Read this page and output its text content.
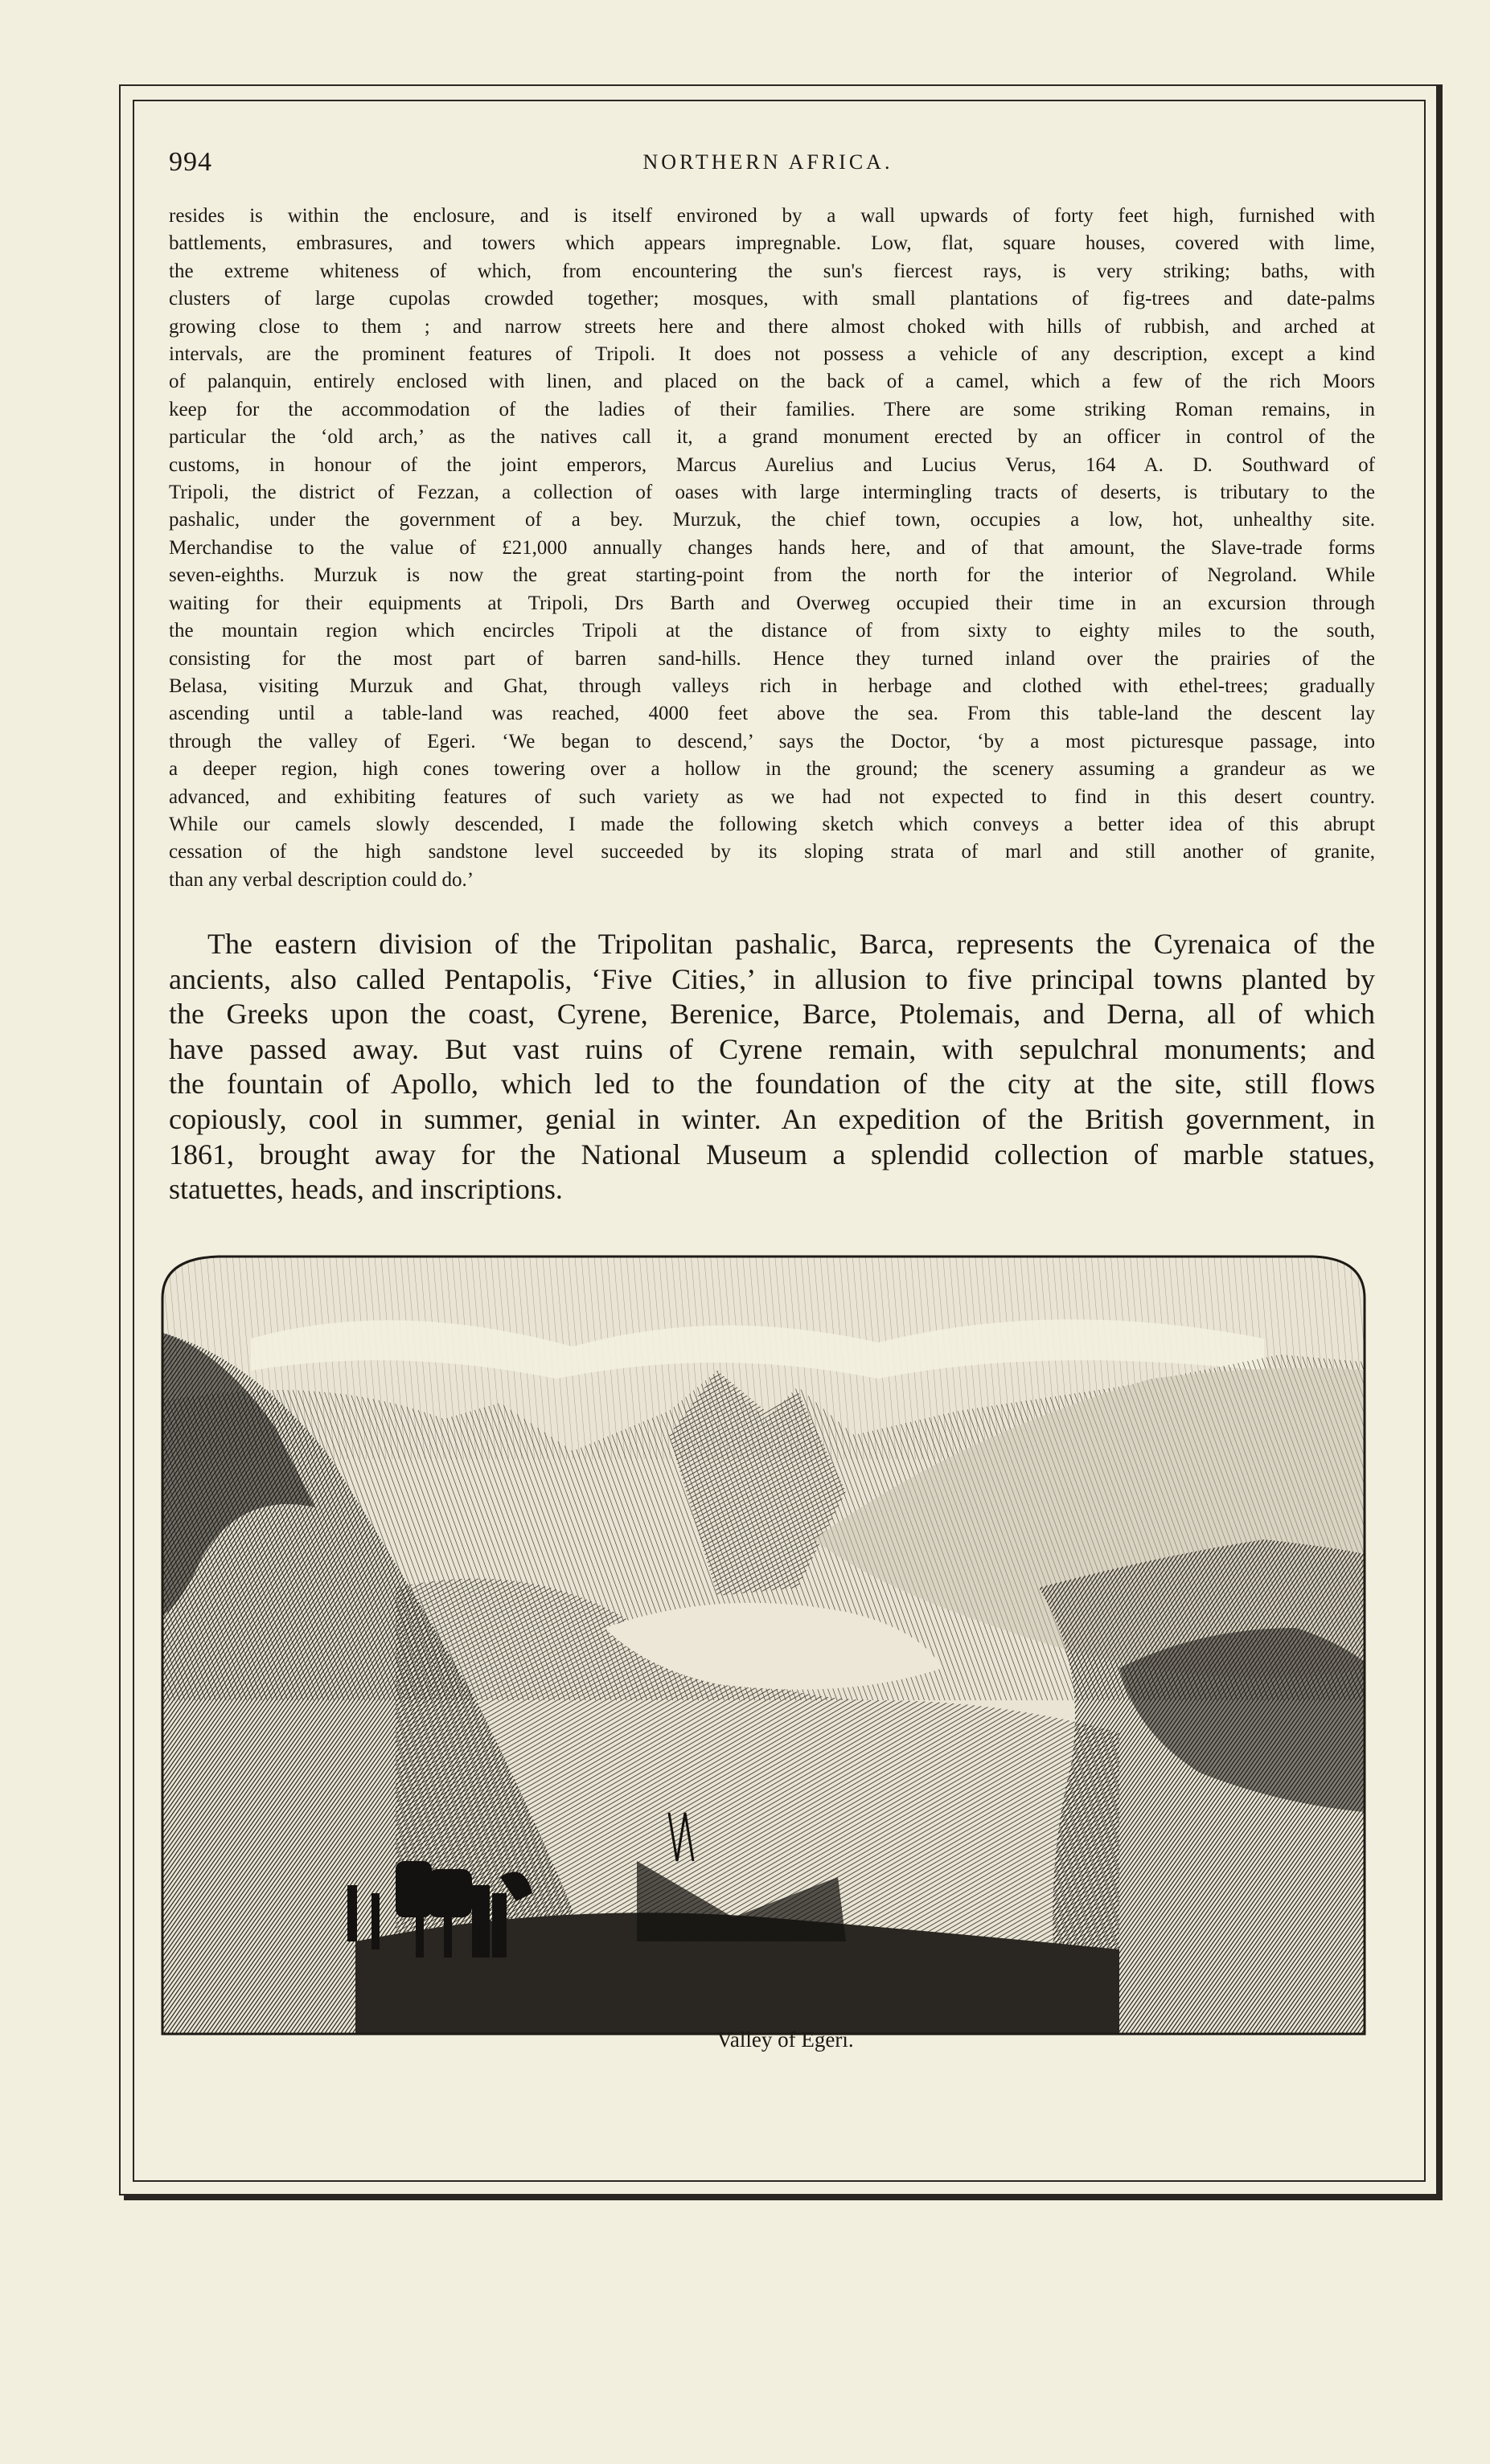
994	NORTHERN AFRICA.
resides is within the enclosure, and is itself environed by a wall upwards of forty feet high, furnished with
battlements, embrasures, and towers which appears impregnable. Low, flat, square houses, covered with lime,
the extreme whiteness of which, from encountering the sun's fiercest rays, is very striking; baths, with
clusters of large cupolas crowded together; mosques, with small plantations of fig-trees and date-palms
growing close to them ; and narrow streets here and there almost choked with hills of rubbish, and arched at
intervals, are the prominent features of Tripoli. It does not possess a vehicle of any description, except a kind
of palanquin, entirely enclosed with linen, and placed on the back of a camel, which a few of the rich Moors
keep for the accommodation of the ladies of their families. There are some striking Roman remains, in
particular the ‘old arch,’ as the natives call it, a grand monument erected by an officer in control of the
customs, in honour of the joint emperors, Marcus Aurelius and Lucius Verus, 164 A. D. Southward of
Tripoli, the district of Fezzan, a collection of oases with large intermingling tracts of deserts, is tributary to the
pashalic, under the government of a bey. Murzuk, the chief town, occupies a low, hot, unhealthy site.
Merchandise to the value of £21,000 annually changes hands here, and of that amount, the Slave-trade forms
seven-eighths. Murzuk is now the great starting-point from the north for the interior of Negroland. While
waiting for their equipments at Tripoli, Drs Barth and Overweg occupied their time in an excursion through
the mountain region which encircles Tripoli at the distance of from sixty to eighty miles to the south,
consisting for the most part of barren sand-hills. Hence they turned inland over the prairies of the
Belasa, visiting Murzuk and Ghat, through valleys rich in herbage and clothed with ethel-trees; gradually
ascending until a table-land was reached, 4000 feet above the sea. From this table-land the descent lay
through the valley of Egeri. ‘We began to descend,’ says the Doctor, ‘by a most picturesque passage, into
a deeper region, high cones towering over a hollow in the ground; the scenery assuming a grandeur as we
advanced, and exhibiting features of such variety as we had not expected to find in this desert country.
While our camels slowly descended, I made the following sketch which conveys a better idea of this abrupt
cessation of the high sandstone level succeeded by its sloping strata of marl and still another of granite,
than any verbal description could do.’
The eastern division of the Tripolitan pashalic, Barca, represents the Cyrenaica of the
ancients, also called Pentapolis, ‘Five Cities,’ in allusion to five principal towns planted by
the Greeks upon the coast, Cyrene, Berenice, Barce, Ptolemais, and Derna, all of which
have passed away. But vast ruins of Cyrene remain, with sepulchral monuments; and
the fountain of Apollo, which led to the foundation of the city at the site, still flows
copiously, cool in summer, genial in winter. An expedition of the British government, in
1861, brought away for the National Museum a splendid collection of marble statues,
statuettes, heads, and inscriptions.
Valley of Egeri.
